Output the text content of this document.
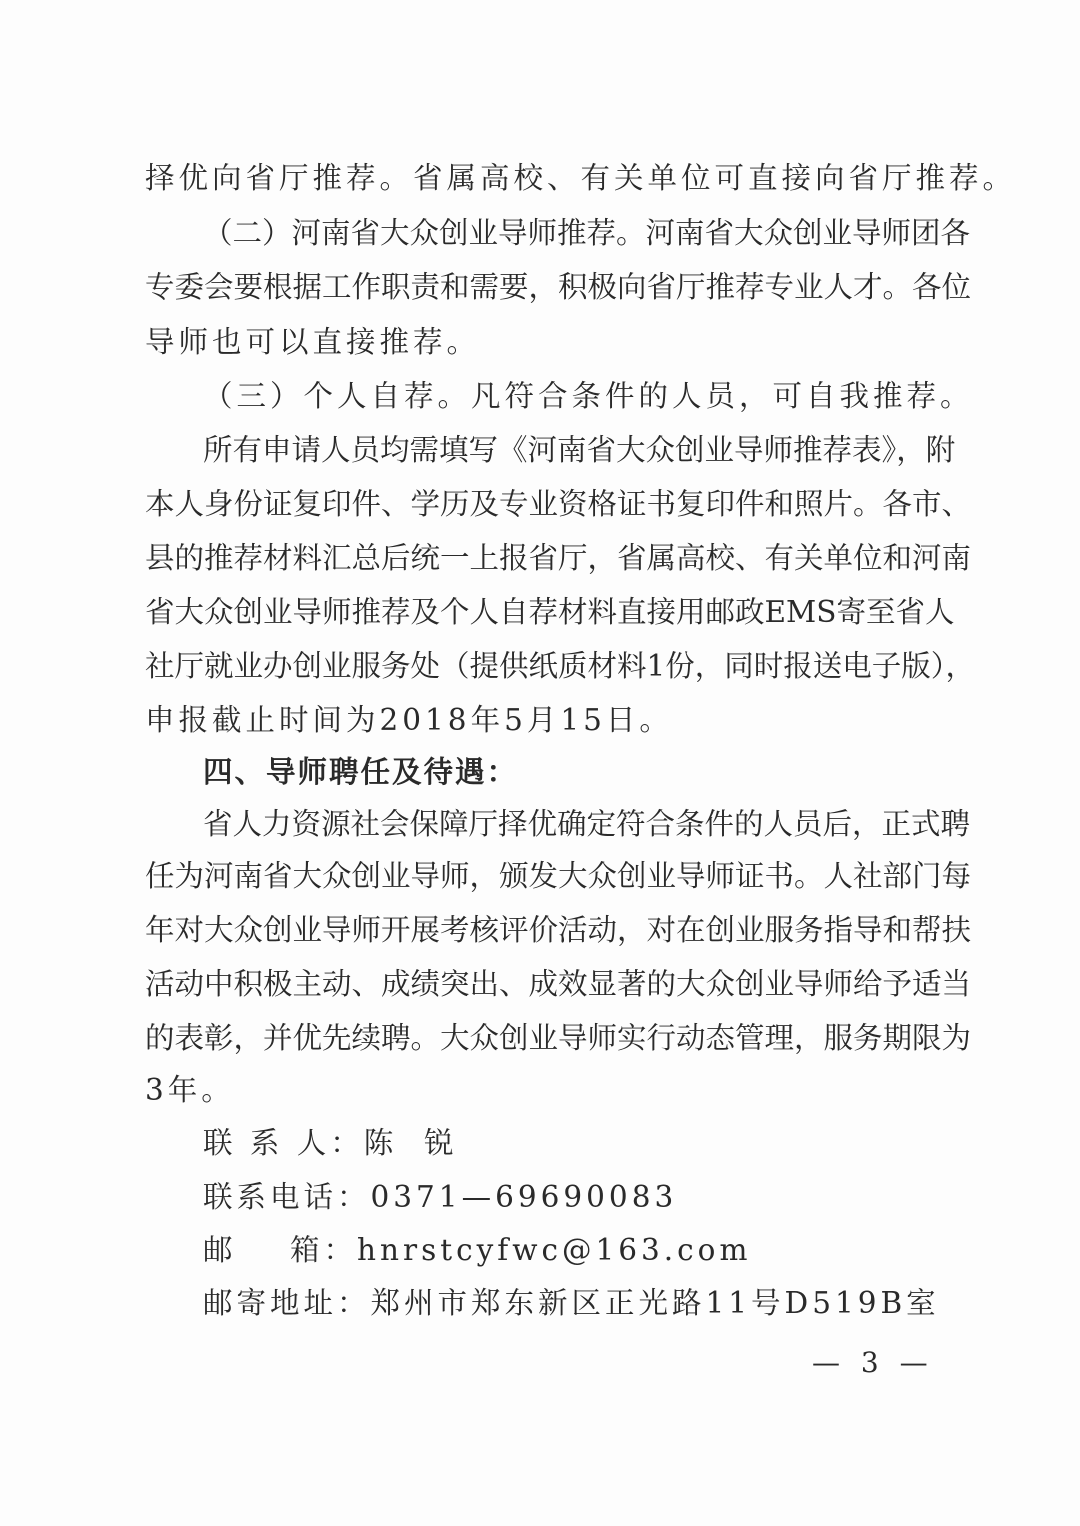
择优向省厅推荐。省属高校、有关单位可直接向省厅推荐。
（二）河南省大众创业导师推荐。河南省大众创业导师团各
专委会要根据工作职责和需要，积极向省厅推荐专业人才。各位
导师也可以直接推荐。
（三）个人自荐。凡符合条件的人员，可自我推荐。
所有申请人员均需填写《河南省大众创业导师推荐表》，附
本人身份证复印件、学历及专业资格证书复印件和照片。各市、
县的推荐材料汇总后统一上报省厅，省属高校、有关单位和河南
省大众创业导师推荐及个人自荐材料直接用邮政EMS寄至省人
社厅就业办创业服务处（提供纸质材料1份，同时报送电子版），
申报截止时间为2018年5月15日。
四、导师聘任及待遇：
省人力资源社会保障厅择优确定符合条件的人员后，正式聘
任为河南省大众创业导师，颁发大众创业导师证书。人社部门每
年对大众创业导师开展考核评价活动，对在创业服务指导和帮扶
活动中积极主动、成绩突出、成效显著的大众创业导师给予适当
的表彰，并优先续聘。大众创业导师实行动态管理，服务期限为
3年。
联 系 人：陈  锐
联系电话：0371—69690083
邮    箱：hnrstcyfwc@163.com
邮寄地址：郑州市郑东新区正光路11号D519B室
— 3 —
